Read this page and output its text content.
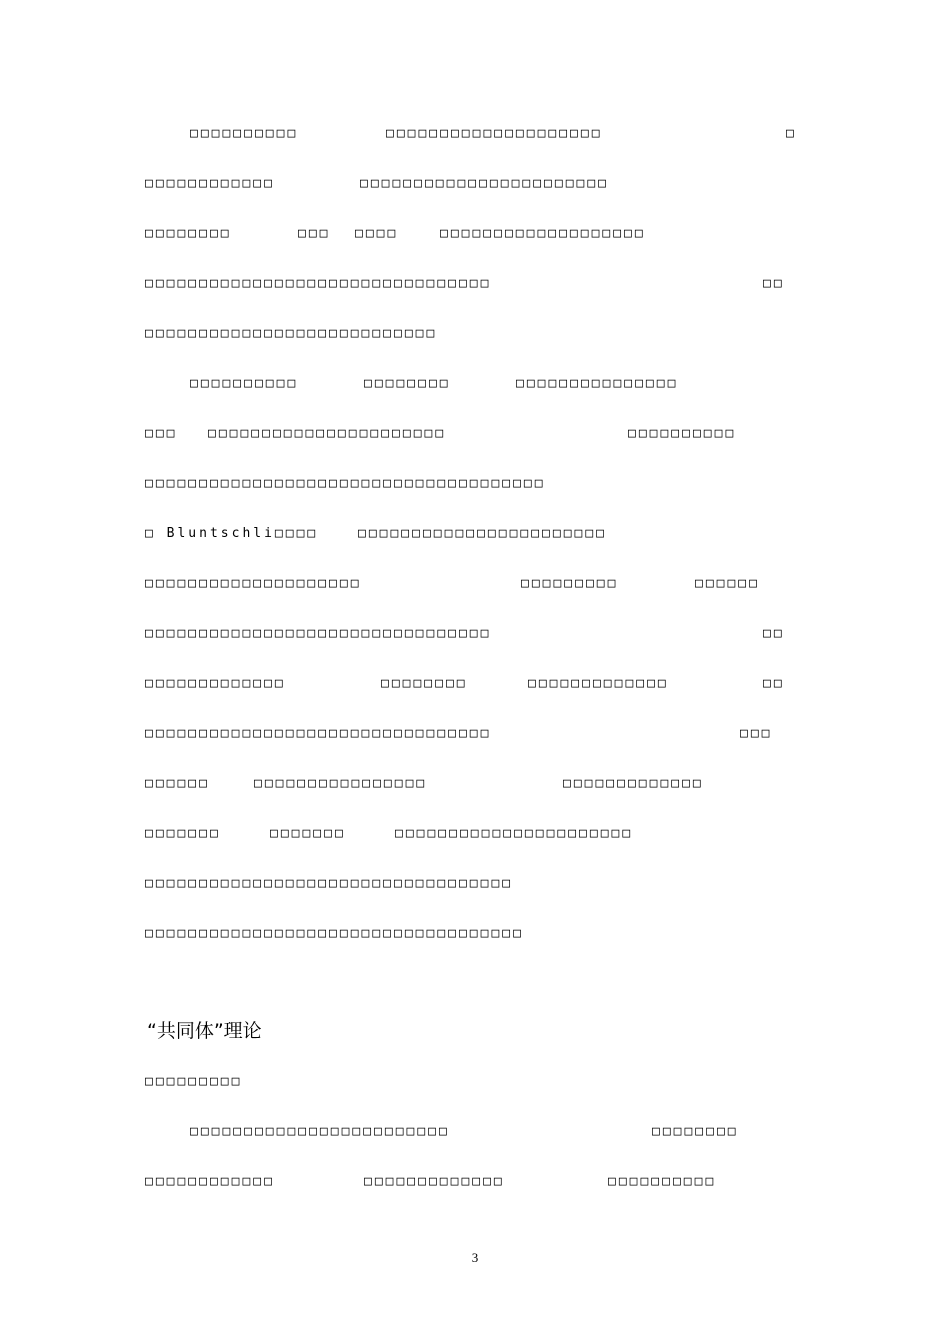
□□□□□□□□□□	□□□□□□□□□□□□□□□□□□□□	□
□□□□□□□□□□□□	□□□□□□□□□□□□□□□□□□□□□□□
□□□□□□□□	□□□ □□□□	□□□□□□□□□□□□□□□□□□□
□□□□□□□□□□□□□□□□□□□□□□□□□□□□□□□□	□□
□□□□□□□□□□□□□□□□□□□□□□□□□□□
□□□□□□□□□□	□□□□□□□□	□□□□□□□□□□□□□□□
□□□ □□□□□□□□□□□□□□□□□□□□□□	□□□□□□□□□□
□□□□□□□□□□□□□□□□□□□□□□□□□□□□□□□□□□□□□
□ Bluntschli□□□□	□□□□□□□□□□□□□□□□□□□□□□□
□□□□□□□□□□□□□□□□□□□□	□□□□□□□□□	□□□□□□
□□□□□□□□□□□□□□□□□□□□□□□□□□□□□□□□	□□
□□□□□□□□□□□□□	□□□□□□□□	□□□□□□□□□□□□□	□□
□□□□□□□□□□□□□□□□□□□□□□□□□□□□□□□□	□□□
□□□□□□	□□□□□□□□□□□□□□□□	□□□□□□□□□□□□□
□□□□□□□	□□□□□□□	□□□□□□□□□□□□□□□□□□□□□□
□□□□□□□□□□□□□□□□□□□□□□□□□□□□□□□□□□
□□□□□□□□□□□□□□□□□□□□□□□□□□□□□□□□□□□
“共同体”理论
□□□□□□□□□
□□□□□□□□□□□□□□□□□□□□□□□□	□□□□□□□□
□□□□□□□□□□□□	□□□□□□□□□□□□□	□□□□□□□□□□
3
